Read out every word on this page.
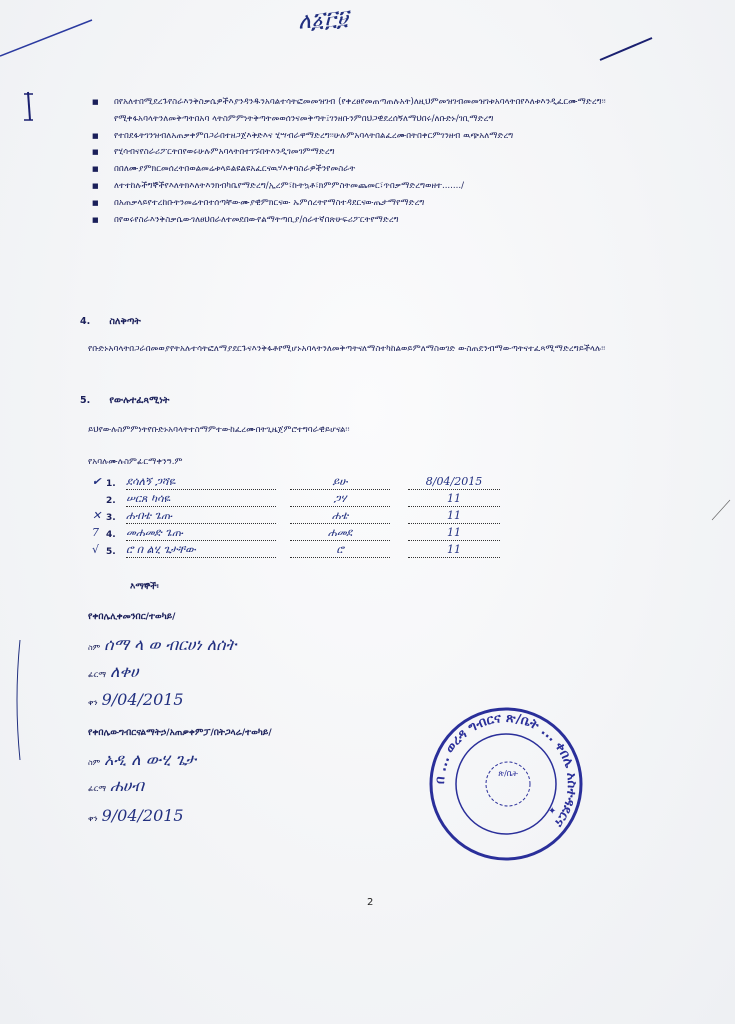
ለ፩፫፱
■ በየአለተበሚደረጉየስራእንቅስቃሴዎችእያንዳንዱንአባልተሳትፎመመዝገብ (የቀረፀየመጠጣጠሉአት)ለዚህምመዝገብመመዝገቱአባላትበየእለቱእንዲፈርሙማድረግ፡፡የሚቀፋአባላትንለመቅጣትበአባ ላትስምምነትቅጣትመወሰንናመቅጣት፤ገንዘቡንምበህጋዊደረሰኝለማህበሩ/ለቡድኑ/ገቢማድረግ
■ የተበደፋትገንዝብለአጠቃቀምበጋራበተዘጋጀእቅድእና ሂሣብራዋማድረግ፡፡ሁሉምአባላትበልፈረሙበትበቀርምገንዘብ ዉጭአለማድረግ
■ የሂሳብናየስራሪፖርትበየወሩሁሉምአባላትበተገኙበትእንዲገመገምማድረግ
■ በበለሙያምክርመሰረትበወልመሬቱላይልዩልዩአፈርናዉሃእቀባስራዎችንየመስራት
■ ለተተከሉችግኞችየእለትክእለትእንክብካቤየማድረግ/ኢረም፣ኩትኳቶ፣ክምምስትመጨመር፣ጥበቃማድረግወዘተ......./
■ በአጠቃላይየተረከቡትንመሬትበተሰጣቸውሙያዊምክርናው ኡምሰረትየማስተዳደርናውጤታማየማድረግ
■ በየወሩየስራእንቅስቃሴውገለፀህበራለተመደበውየልማትጣቢያ/ሰራተኛበጽሁፍሪፖርትየማድረግ
4. ስለቅጣት
የቡድኑአባላትበጋራበመወያየትአሉተሳትፎለማያደርጉናእንቅፋቶየሚሆኑአባላትንለመቅጣትናለማስተካከልወይምለማስወገድ ውስጠደንብማውጣትናተፈጻሚማድረግይችላሉ፡፡
5. የውሉተፈጻሚነት
ይህየውሉስምምነትየቡድኑአባላትተስማምተውከፈረሙበትጊዜጀምሮተግባራዊይሆናል፡፡
የአባሉሙሉስምፊርማቀንዓ.ም
✔ 1. ደሳለኝ ጋሻዬ	ይሁ	8/04/2015
2. ሠርጸ ካሳዬ	ጋሃ	11
✕ 3. ሐብቴ ጌጡ	ሐቴ	11
7 4. መሐመድ ጌጡ	ሐመደ	11
√ 5. ሮ በ ልሂ ጌታቸው	ሮ	11
እማኞች፡
የቀበሌሊቀመንበር/ተወካይ/
ስም ሰማ ላ ወ ብርሀነ ለሰት
ፊርማ ለቀሀ
ቀን 9/04/2015
የቀበሌውግብርናልማትኃ/አጠቃቀምፓ/በትጋላሬ/ተወካይ/
ስም አዲ ለ ውሂ ጌታ
ፊርማ ሐሀብ
ቀን 9/04/2015
በ ... ወረዳ ግብርና ጽ/ቤት ... ቀበሌ አስተዳደርና
ጽ/ቤት
✦
2
